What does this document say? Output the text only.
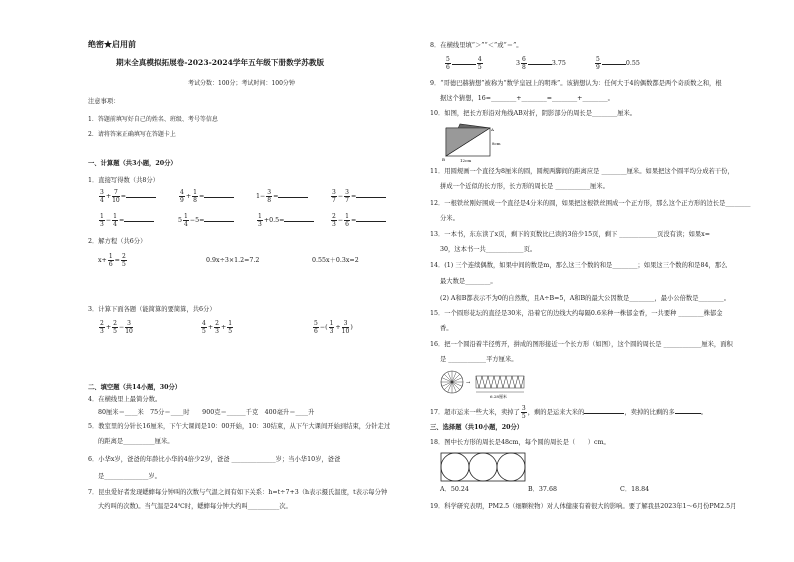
绝密★启用前
期末全真模拟拓展卷-2023-2024学年五年级下册数学苏教版
考试分数：100分；考试时间：100分钟
注意事项：
1．答题前填写好自己的姓名、班级、考号等信息
2．请将答案正确填写在答题卡上
一、计算题（共3小题，20分）
1．直接写得数（共8分）
$\frac{3}{4} + \frac{7}{10}$ =	$\frac{4}{9} + \frac{1}{8}$ =	$1- \frac{3}{8}$ =	$\frac{3}{7} - \frac{3}{7}$ =
$\frac{1}{3} - \frac{1}{4}$ =	$5 \frac{1}{4} -5=$	$\frac{1}{3} +0.5=$	$\frac{2}{3} - \frac{1}{6}$ =
2．解方程（共6分）
$x+ \frac{1}{6} = \frac{2}{5}$	0.9x÷3×1.2=7.2	0.55x＋0.3x=2
3．计算下面各题（能简算的要简算，共6分）
$\frac{2}{3} + \frac{2}{5} - \frac{3}{10}$	$\frac{4}{5} + \frac{2}{3} + \frac{1}{5}$	$\frac{5}{6}$ −( $\frac{1}{3} + \frac{3}{10}$ )
二、填空题（共14小题，30分）
4．在横线里上最简分数。
80厘米＝____米　75分＝____时　　900克＝______千克　400毫升＝____升
5．教室里的分针长16厘米，下午大课间是10：00开始，10：30结束，从下午大课间开始到结束，分针走过
的距离是__________厘米。
6．小华x岁，爸爸的年龄比小华的4倍少2岁，爸爸 ______________岁；当小华10岁，爸爸
是______________岁。
7．昆虫爱好者发现蟋蟀每分钟叫的次数与气温之间有如下关系：h=t÷7+3（h表示摄氏温度，t表示每分钟
大约叫的次数)。当气温是24℃时，蟋蟀每分钟大约叫__________次。
8．在横线里填“＞”“＜”或“＝”。
$\frac{5}{6}$	$\frac{4}{5}$	$3 \frac{6}{8}$	3.75	$\frac{5}{9}$	0.55
9．“哥德巴赫猜想”被称为“数学皇冠上的明珠”。该猜想认为：任何大于4的偶数都是两个奇质数之和，根
据这个猜想，16=________+________=________+________。
10．如图，把长方形沿对角线AB对折，阴影部分的周长是________厘米。
A
B
8cm
12cm
11．用圆规画一个直径为8厘米的圆，圆规两脚间的距离应是 ________厘米。如果把这个圆平均分成若干份，
拼成一个近似的长方形，长方形的周长是 ___________厘米。
12．一根铁丝刚好围成一个直径是4分米的圆，如果把这根铁丝围成一个正方形，那么这个正方形的边长是________
分米。
13．一本书，东东读了x页，剩下的页数比已读的3倍少15页，剩下 ____________页没有读；如果x=
30，这本书一共____________页。
14．(1) 三个连续偶数，如果中间的数是m，那么这三个数的和是________；如果这三个数的和是84，那么
最大数是________。
(2) A和B都表示不为0的自然数，且A÷B=5，A和B的最大公因数是________，最小公倍数是________。
15．一个圆形花坛的直径是30米，沿着它的边线大约每隔0.6米种一株郁金香，一共要种 ________株郁金
香。
16．把一个圆沿着半径剪开，拼成的图形接近一个长方形（如图），这个圆的周长是 ____________厘米，面积
是 ____________平方厘米。
→
6.28厘米
17．超市运来一些大米，卖掉了 $\frac{3}{5}$ ，剩的是运来大米的	，卖掉的比剩的多	。
三、选择题（共10小题，20分）
18．图中长方形的周长是48cm，每个圆的周长是（　　）cm。
A．50.24	B．37.68	C．18.84
19．科学研究表明，PM2.5（细颗粒物）对人体健康有着很大的影响。要了解我县2023年1～6月份PM2.5月
